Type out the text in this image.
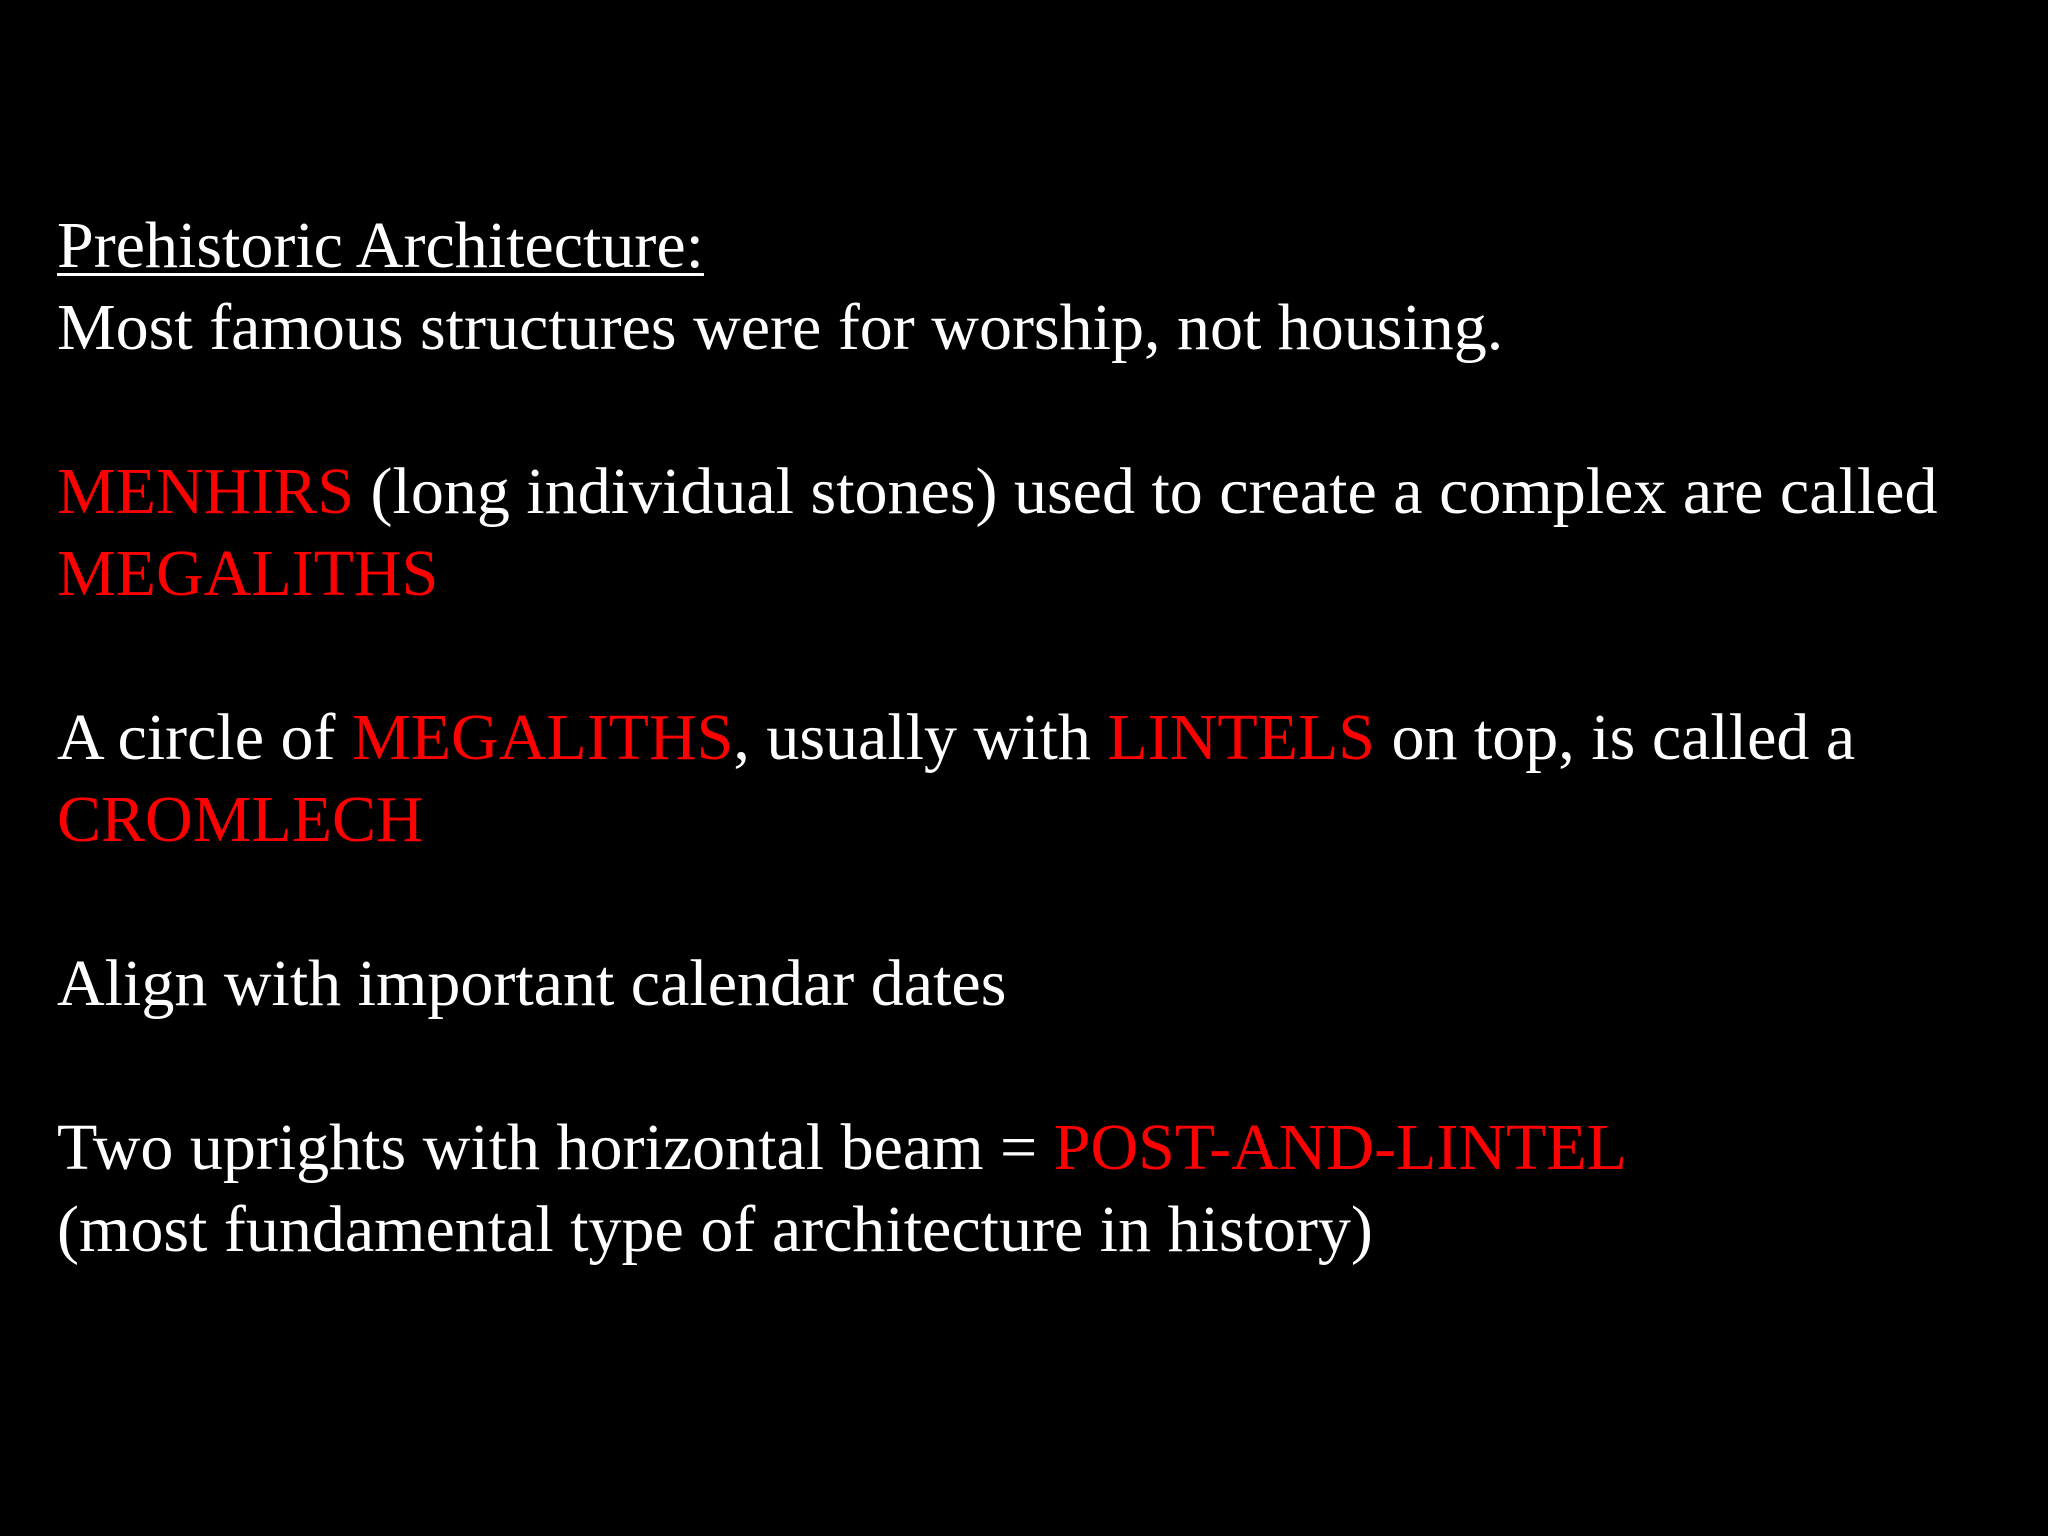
Prehistoric Architecture:
Most famous structures were for worship, not housing.
MENHIRS (long individual stones) used to create a complex are called
MEGALITHS
A circle of MEGALITHS, usually with LINTELS on top, is called a
CROMLECH
Align with important calendar dates
Two uprights with horizontal beam = POST-AND-LINTEL
(most fundamental type of architecture in history)
